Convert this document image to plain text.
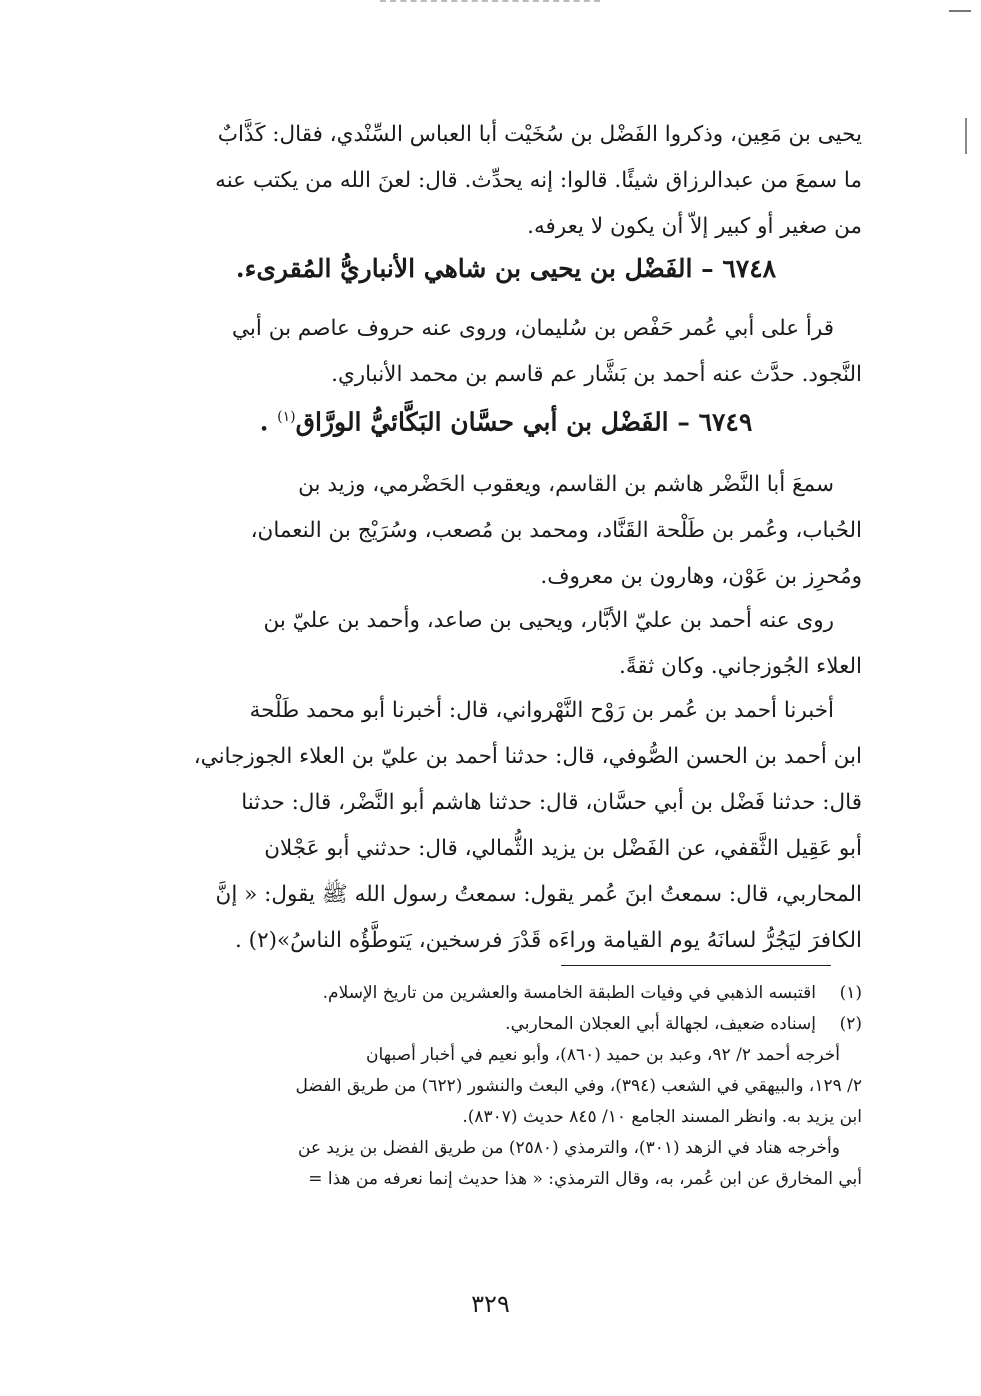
يحيى بن مَعِين، وذكروا الفَضْل بن سُخَيْت أبا العباس السِّنْدي، فقال: كَذَّابٌ
ما سمعَ من عبدالرزاق شيئًا. قالوا: إنه يحدِّث. قال: لعنَ الله من يكتب عنه
من صغير أو كبير إلاّ أن يكون لا يعرفه.
٦٧٤٨ – الفَضْل بن يحيى بن شاهي الأنباريُّ المُقرىء.
قرأ على أبي عُمر حَفْص بن سُليمان، وروى عنه حروف عاصم بن أبي
النَّجود. حدَّث عنه أحمد بن بَشَّار عم قاسم بن محمد الأنباري.
٦٧٤٩ – الفَضْل بن أبي حسَّان البَكَّائيُّ الورَّاق$^{(١)}$ .
سمعَ أبا النَّضْر هاشم بن القاسم، ويعقوب الحَضْرمي، وزيد بن
الحُباب، وعُمر بن طَلْحة القَنَّاد، ومحمد بن مُصعب، وسُرَيْج بن النعمان،
ومُحرِز بن عَوْن، وهارون بن معروف.
روى عنه أحمد بن عليّ الأبَّار، ويحيى بن صاعد، وأحمد بن عليّ بن
العلاء الجُوزجاني. وكان ثقةً.
أخبرنا أحمد بن عُمر بن رَوْح النَّهْرواني، قال: أخبرنا أبو محمد طَلْحة
ابن أحمد بن الحسن الصُّوفي، قال: حدثنا أحمد بن عليّ بن العلاء الجوزجاني،
قال: حدثنا فَضْل بن أبي حسَّان، قال: حدثنا هاشم أبو النَّضْر، قال: حدثنا
أبو عَقِيل الثَّقفي، عن الفَضْل بن يزيد الثُّمالي، قال: حدثني أبو عَجْلان
المحاربي، قال: سمعتُ ابنَ عُمر يقول: سمعتُ رسول الله ﷺ يقول: « إنَّ
الكافرَ ليَجُرُّ لسانَهُ يوم القيامة وراءَه قَدْرَ فرسخين، يَتوطَّؤُه الناسُ»(٢) .
(١)اقتبسه الذهبي في وفيات الطبقة الخامسة والعشرين من تاريخ الإسلام.
(٢)إسناده ضعيف، لجهالة أبي العجلان المحاربي.
أخرجه أحمد ٢/ ٩٢، وعبد بن حميد (٨٦٠)، وأبو نعيم في أخبار أصبهان
٢/ ١٢٩، والبيهقي في الشعب (٣٩٤)، وفي البعث والنشور (٦٢٢) من طريق الفضل
ابن يزيد به. وانظر المسند الجامع ١٠/ ٨٤٥ حديث (٨٣٠٧).
وأخرجه هناد في الزهد (٣٠١)، والترمذي (٢٥٨٠) من طريق الفضل بن يزيد عن
أبي المخارق عن ابن عُمر، به، وقال الترمذي: « هذا حديث إنما نعرفه من هذا =
٣٢٩
